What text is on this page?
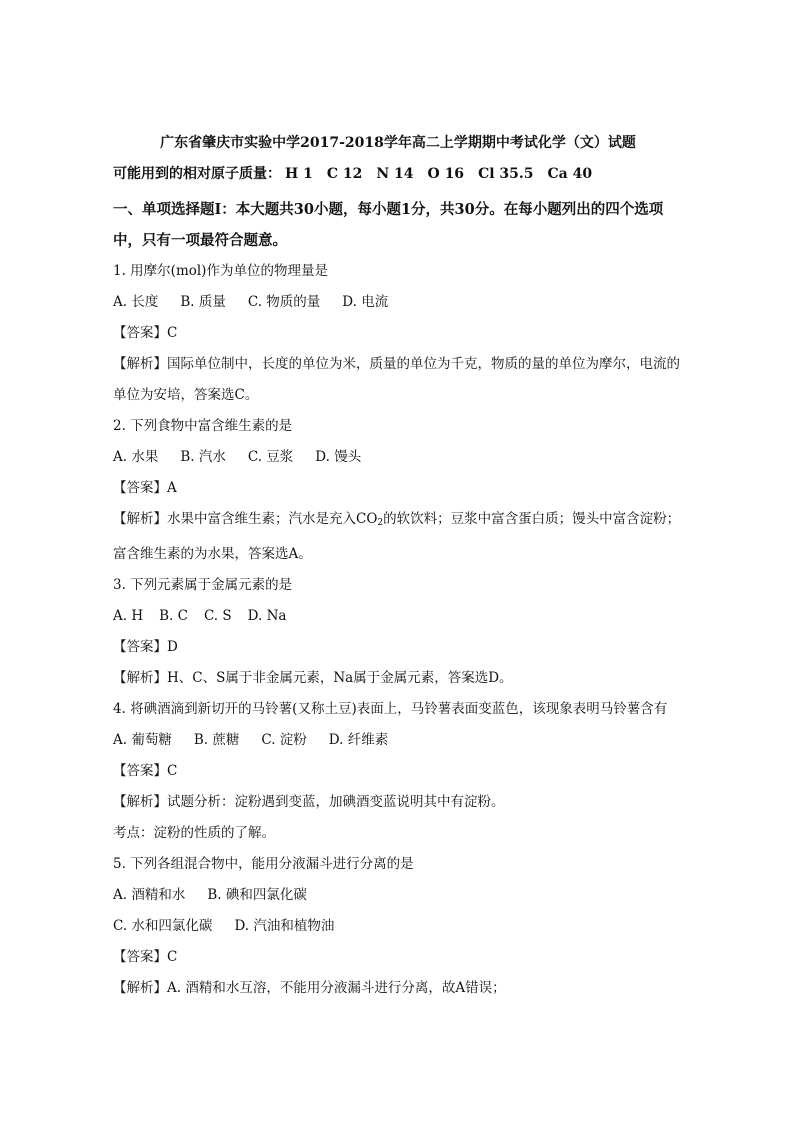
广东省肇庆市实验中学2017-2018学年高二上学期期中考试化学（文）试题
可能用到的相对原子质量： H 1 C 12 N 14 O 16 Cl 35.5 Ca 40
一、单项选择题Ⅰ：本大题共30小题，每小题1分，共30分。在每小题列出的四个选项中，只有一项最符合题意。
1. 用摩尔(mol)作为单位的物理量是
A. 长度 B. 质量 C. 物质的量 D. 电流
【答案】C
【解析】国际单位制中，长度的单位为米，质量的单位为千克，物质的量的单位为摩尔，电流的单位为安培，答案选C。
2. 下列食物中富含维生素的是
A. 水果 B. 汽水 C. 豆浆 D. 馒头
【答案】A
【解析】水果中富含维生素；汽水是充入$CO_2$的软饮料；豆浆中富含蛋白质；馒头中富含淀粉；富含维生素的为水果，答案选A。
3. 下列元素属于金属元素的是
A. H B. C C. S D. Na
【答案】D
【解析】H、C、S属于非金属元素，Na属于金属元素，答案选D。
4. 将碘酒滴到新切开的马铃薯(又称土豆)表面上，马铃薯表面变蓝色，该现象表明马铃薯含有
A. 葡萄糖 B. 蔗糖 C. 淀粉 D. 纤维素
【答案】C
【解析】试题分析：淀粉遇到变蓝，加碘酒变蓝说明其中有淀粉。
考点：淀粉的性质的了解。
5. 下列各组混合物中，能用分液漏斗进行分离的是
A. 酒精和水 B. 碘和四氯化碳
C. 水和四氯化碳 D. 汽油和植物油
【答案】C
【解析】A. 酒精和水互溶，不能用分液漏斗进行分离，故A错误；
